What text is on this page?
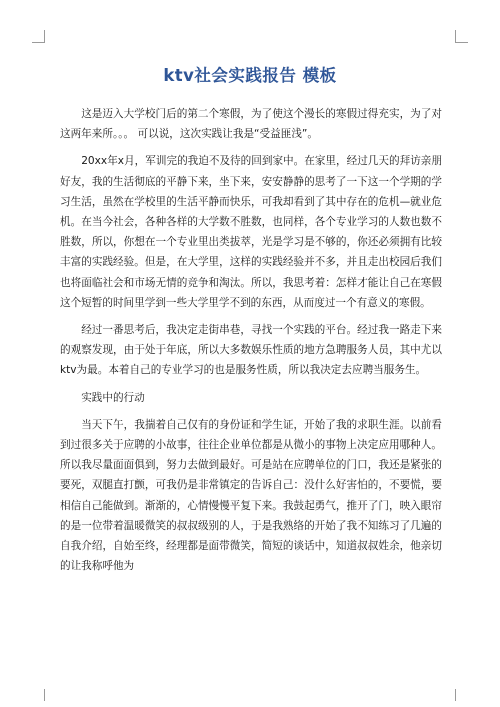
ktv社会实践报告 模板

这是迈入大学校门后的第二个寒假，为了使这个漫长的寒假过得充实，为了对这两年来所。。。 可以说，这次实践让我是“受益匪浅”。

20xx年x月，军训完的我迫不及待的回到家中。在家里，经过几天的拜访亲朋好友，我的生活彻底的平静下来，坐下来，安安静静的思考了一下这一个学期的学习生活，虽然在学校里的生活平静而快乐，可我却看到了其中存在的危机—就业危机。在当今社会，各种各样的大学数不胜数，也同样，各个专业学习的人数也数不胜数，所以，你想在一个专业里出类拔萃，光是学习是不够的，你还必须拥有比较丰富的实践经验。但是，在大学里，这样的实践经验并不多，并且走出校园后我们也将面临社会和市场无情的竞争和淘汰。所以，我思考着：怎样才能让自己在寒假这个短暂的时间里学到一些大学里学不到的东西，从而度过一个有意义的寒假。

经过一番思考后，我决定走街串巷，寻找一个实践的平台。经过我一路走下来的观察发现，由于处于年底，所以大多数娱乐性质的地方急聘服务人员，其中尤以ktv为最。本着自己的专业学习的也是服务性质，所以我决定去应聘当服务生。

实践中的行动

当天下午，我揣着自己仅有的身份证和学生证，开始了我的求职生涯。以前看到过很多关于应聘的小故事，往往企业单位都是从微小的事物上决定应用哪种人。所以我尽量面面俱到，努力去做到最好。可是站在应聘单位的门口，我还是紧张的要死，双腿直打颤，可我仍是非常镇定的告诉自己：没什么好害怕的，不要慌，要相信自己能做到。渐渐的，心情慢慢平复下来。我鼓起勇气，推开了门，映入眼帘的是一位带着温暖微笑的叔叔级别的人，于是我熟络的开始了我不知练习了几遍的自我介绍，自始至终，经理都是面带微笑，简短的谈话中，知道叔叔姓余，他亲切的让我称呼他为
